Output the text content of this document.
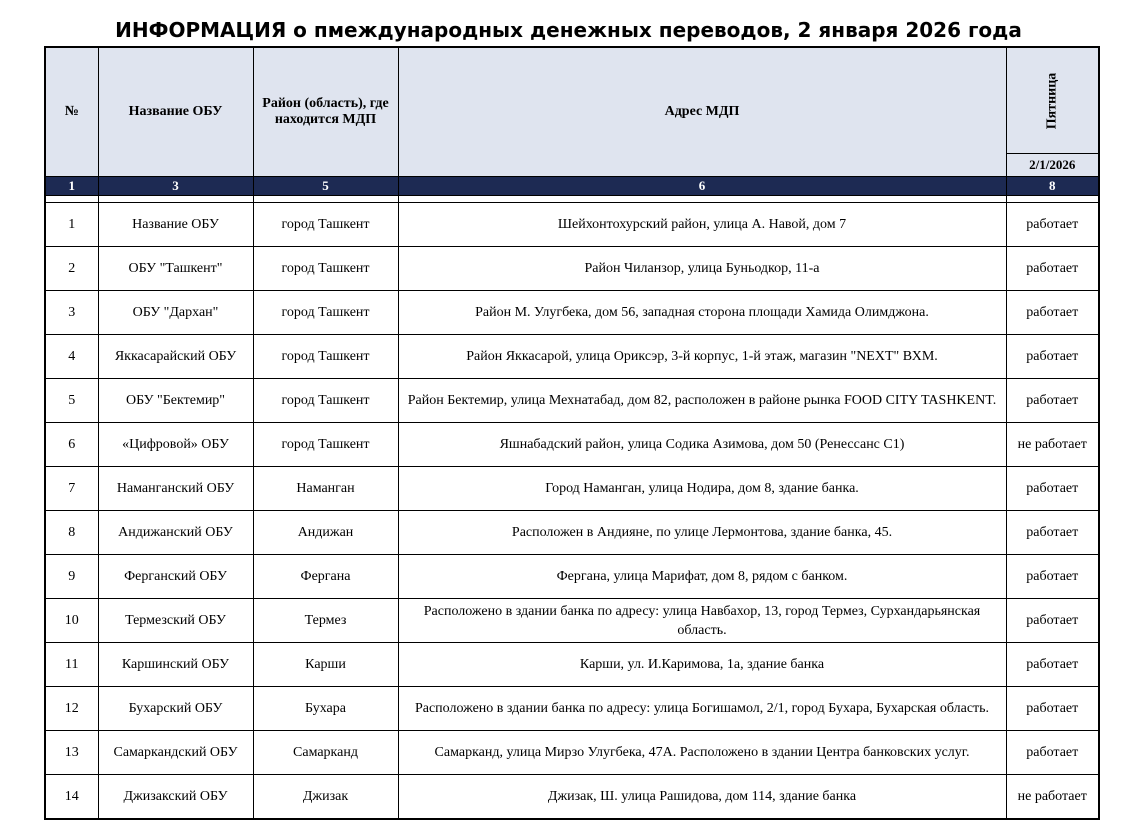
ИНФОРМАЦИЯ о пмеждународных денежных переводов, 2 января 2026 года
№	Название ОБУ	Район (область), где находится МДП	Адрес МДП	Пятница
				2/1/2026
1	3	5	6	8

1	Название ОБУ	город Ташкент	Шейхонтохурский район, улица А. Навой, дом 7	работает
2	ОБУ "Ташкент"	город Ташкент	Район Чиланзор, улица Буньодкор, 11-а	работает
3	ОБУ "Дархан"	город Ташкент	Район М. Улугбека, дом 56, западная сторона площади Хамида Олимджона.	работает
4	Яккасарайский ОБУ	город Ташкент	Район Яккасарой, улица Ориксэр, 3-й корпус, 1-й этаж, магазин "NEXT" ВХМ.	работает
5	ОБУ "Бектемир"	город Ташкент	Район Бектемир, улица Мехнатабад, дом 82, расположен в районе рынка FOOD CITY TASHKENT.	работает
6	«Цифровой» ОБУ	город Ташкент	Яшнабадский район, улица Содика Азимова, дом 50 (Ренессанс С1)	не работает
7	Наманганский ОБУ	Наманган	Город Наманган, улица Нодира, дом 8, здание банка.	работает
8	Андижанский ОБУ	Андижан	Расположен в Андияне, по улице Лермонтова, здание банка, 45.	работает
9	Ферганский ОБУ	Фергана	Фергана, улица Марифат, дом 8, рядом с банком.	работает
10	Термезский ОБУ	Термез	Расположено в здании банка по адресу: улица Навбахор, 13, город Термез, Сурхандарьянская область.	работает
11	Каршинский ОБУ	Карши	Карши, ул. И.Каримова, 1а, здание банка	работает
12	Бухарский ОБУ	Бухара	Расположено в здании банка по адресу: улица Богишамол, 2/1, город Бухара, Бухарская область.	работает
13	Самаркандский ОБУ	Самарканд	Самарканд, улица Мирзо Улугбека, 47А. Расположено в здании Центра банковских услуг.	работает
14	Джизакский ОБУ	Джизак	Джизак, Ш. улица Рашидова, дом 114, здание банка	не работает
